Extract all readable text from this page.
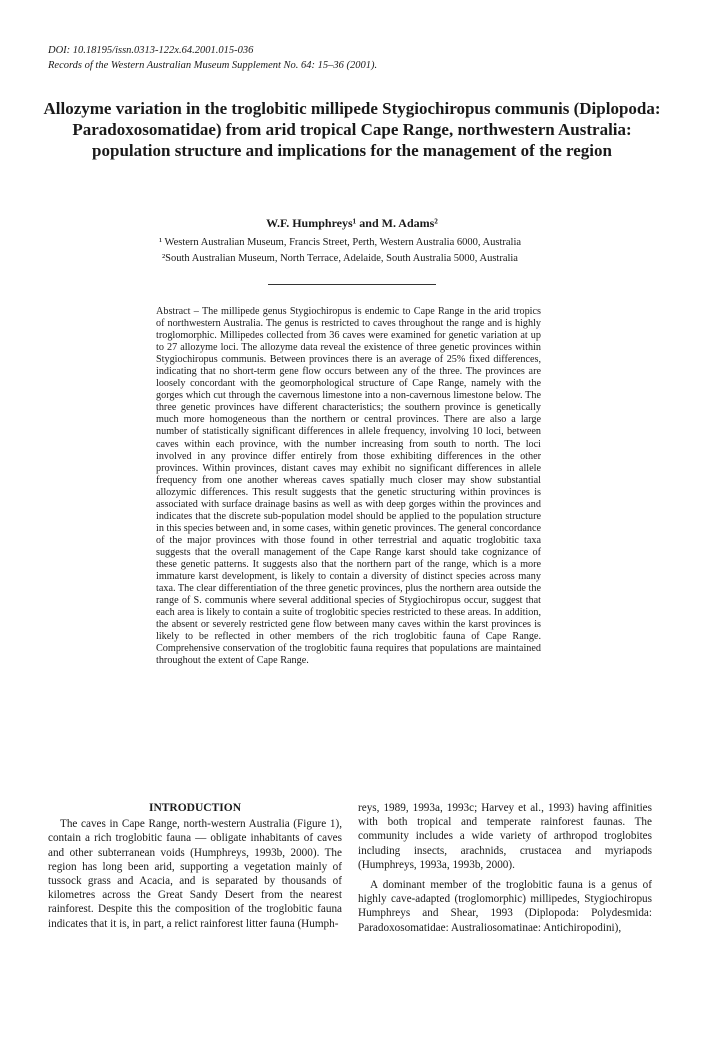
DOI: 10.18195/issn.0313-122x.64.2001.015-036
Records of the Western Australian Museum Supplement No. 64: 15–36 (2001).
Allozyme variation in the troglobitic millipede Stygiochiropus communis (Diplopoda: Paradoxosomatidae) from arid tropical Cape Range, northwestern Australia: population structure and implications for the management of the region
W.F. Humphreys¹ and M. Adams²
¹ Western Australian Museum, Francis Street, Perth, Western Australia 6000, Australia
²South Australian Museum, North Terrace, Adelaide, South Australia 5000, Australia

Abstract – The millipede genus Stygiochiropus is endemic to Cape Range in the arid tropics of northwestern Australia. The genus is restricted to caves throughout the range and is highly troglomorphic. Millipedes collected from 36 caves were examined for genetic variation at up to 27 allozyme loci. The allozyme data reveal the existence of three genetic provinces within Stygiochiropus communis. Between provinces there is an average of 25% fixed differences, indicating that no short-term gene flow occurs between any of the three. The provinces are loosely concordant with the geomorphological structure of Cape Range, namely with the gorges which cut through the cavernous limestone into a non-cavernous limestone below. The three genetic provinces have different characteristics; the southern province is genetically much more homogeneous than the northern or central provinces. There are also a large number of statistically significant differences in allele frequency, involving 10 loci, between caves within each province, with the number increasing from south to north. The loci involved in any province differ entirely from those exhibiting differences in the other provinces. Within provinces, distant caves may exhibit no significant differences in allele frequency from one another whereas caves spatially much closer may show substantial allozymic differences. This result suggests that the genetic structuring within provinces is associated with surface drainage basins as well as with deep gorges within the provinces and indicates that the discrete sub-population model should be applied to the population structure in this species between and, in some cases, within genetic provinces. The general concordance of the major provinces with those found in other terrestrial and aquatic troglobitic taxa suggests that the overall management of the Cape Range karst should take cognizance of these genetic patterns. It suggests also that the northern part of the range, which is a more immature karst development, is likely to contain a diversity of distinct species across many taxa. The clear differentiation of the three genetic provinces, plus the northern area outside the range of S. communis where several additional species of Stygiochiropus occur, suggest that each area is likely to contain a suite of troglobitic species restricted to these areas. In addition, the absent or severely restricted gene flow between many caves within the karst provinces is likely to be reflected in other members of the rich troglobitic fauna of Cape Range. Comprehensive conservation of the troglobitic fauna requires that populations are maintained throughout the extent of Cape Range.

INTRODUCTION

The caves in Cape Range, north-western Australia (Figure 1), contain a rich troglobitic fauna — obligate inhabitants of caves and other subterranean voids (Humphreys, 1993b, 2000). The region has long been arid, supporting a vegetation mainly of tussock grass and Acacia, and is separated by thousands of kilometres across the Great Sandy Desert from the nearest rainforest. Despite this the composition of the troglobitic fauna indicates that it is, in part, a relict rainforest litter fauna (Humph-

reys, 1989, 1993a, 1993c; Harvey et al., 1993) having affinities with both tropical and temperate rainforest faunas. The community includes a wide variety of arthropod troglobites including insects, arachnids, crustacea and myriapods (Humphreys, 1993a, 1993b, 2000).

A dominant member of the troglobitic fauna is a genus of highly cave-adapted (troglomorphic) millipedes, Stygiochiropus Humphreys and Shear, 1993 (Diplopoda: Polydesmida: Paradoxosomatidae: Australiosomatinae: Antichiropodini),
